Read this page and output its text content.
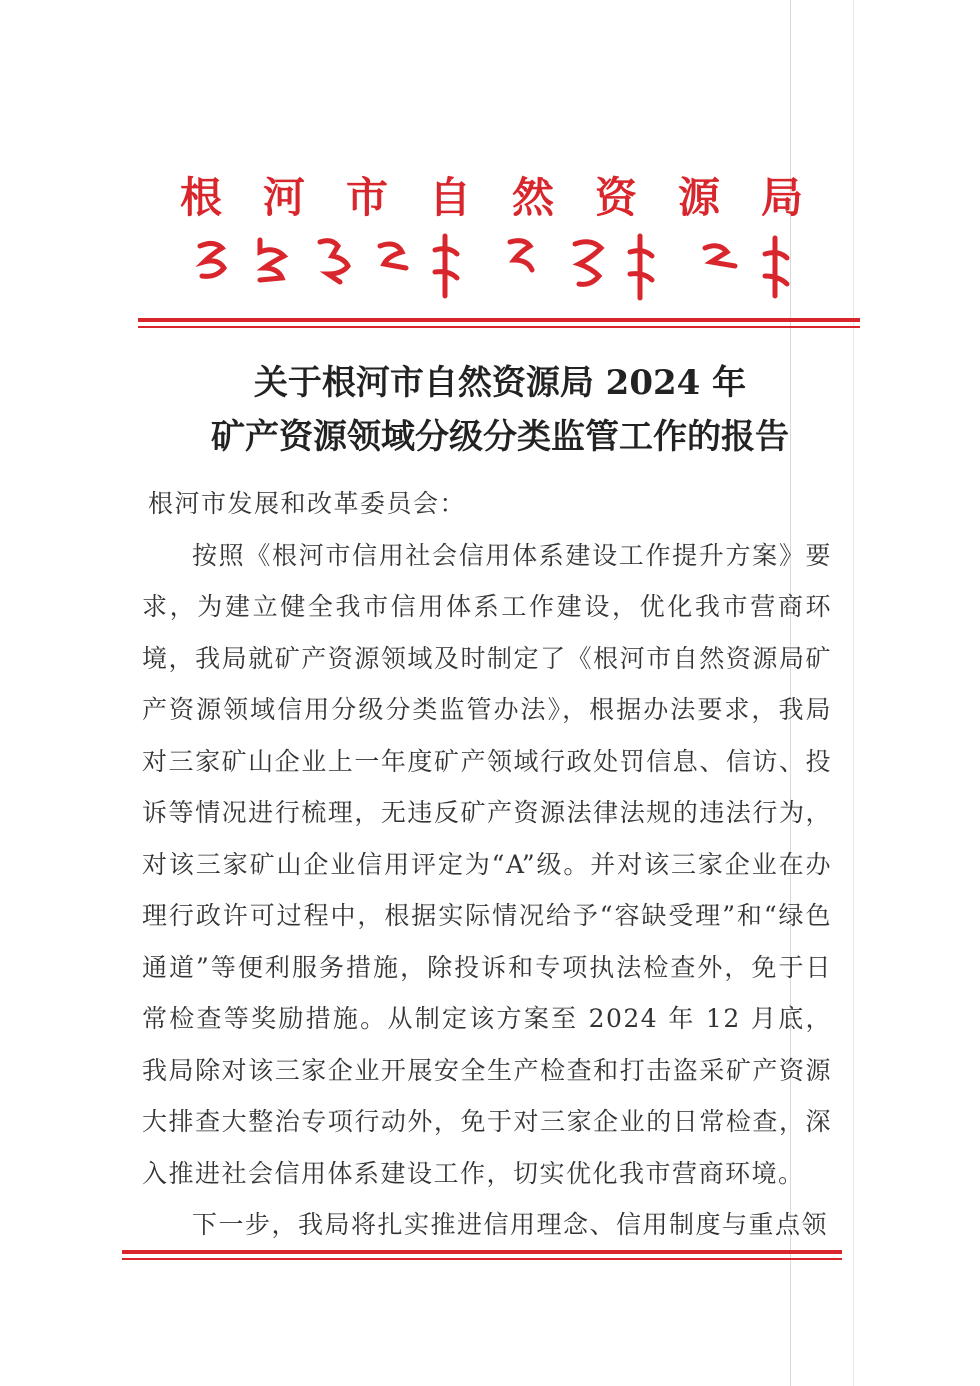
根河市自然资源局
关于根河市自然资源局 2024 年
矿产资源领域分级分类监管工作的报告
根河市发展和改革委员会：
按照《根河市信用社会信用体系建设工作提升方案》要求，为建立健全我市信用体系工作建设，优化我市营商环境，我局就矿产资源领域及时制定了《根河市自然资源局矿产资源领域信用分级分类监管办法》，根据办法要求，我局对三家矿山企业上一年度矿产领域行政处罚信息、信访、投诉等情况进行梳理，无违反矿产资源法律法规的违法行为，对该三家矿山企业信用评定为“A”级。并对该三家企业在办理行政许可过程中，根据实际情况给予“容缺受理”和“绿色通道”等便利服务措施，除投诉和专项执法检查外，免于日常检查等奖励措施。从制定该方案至 2024 年 12 月底，我局除对该三家企业开展安全生产检查和打击盗采矿产资源大排查大整治专项行动外，免于对三家企业的日常检查，深入推进社会信用体系建设工作，切实优化我市营商环境。
下一步，我局将扎实推进信用理念、信用制度与重点领
